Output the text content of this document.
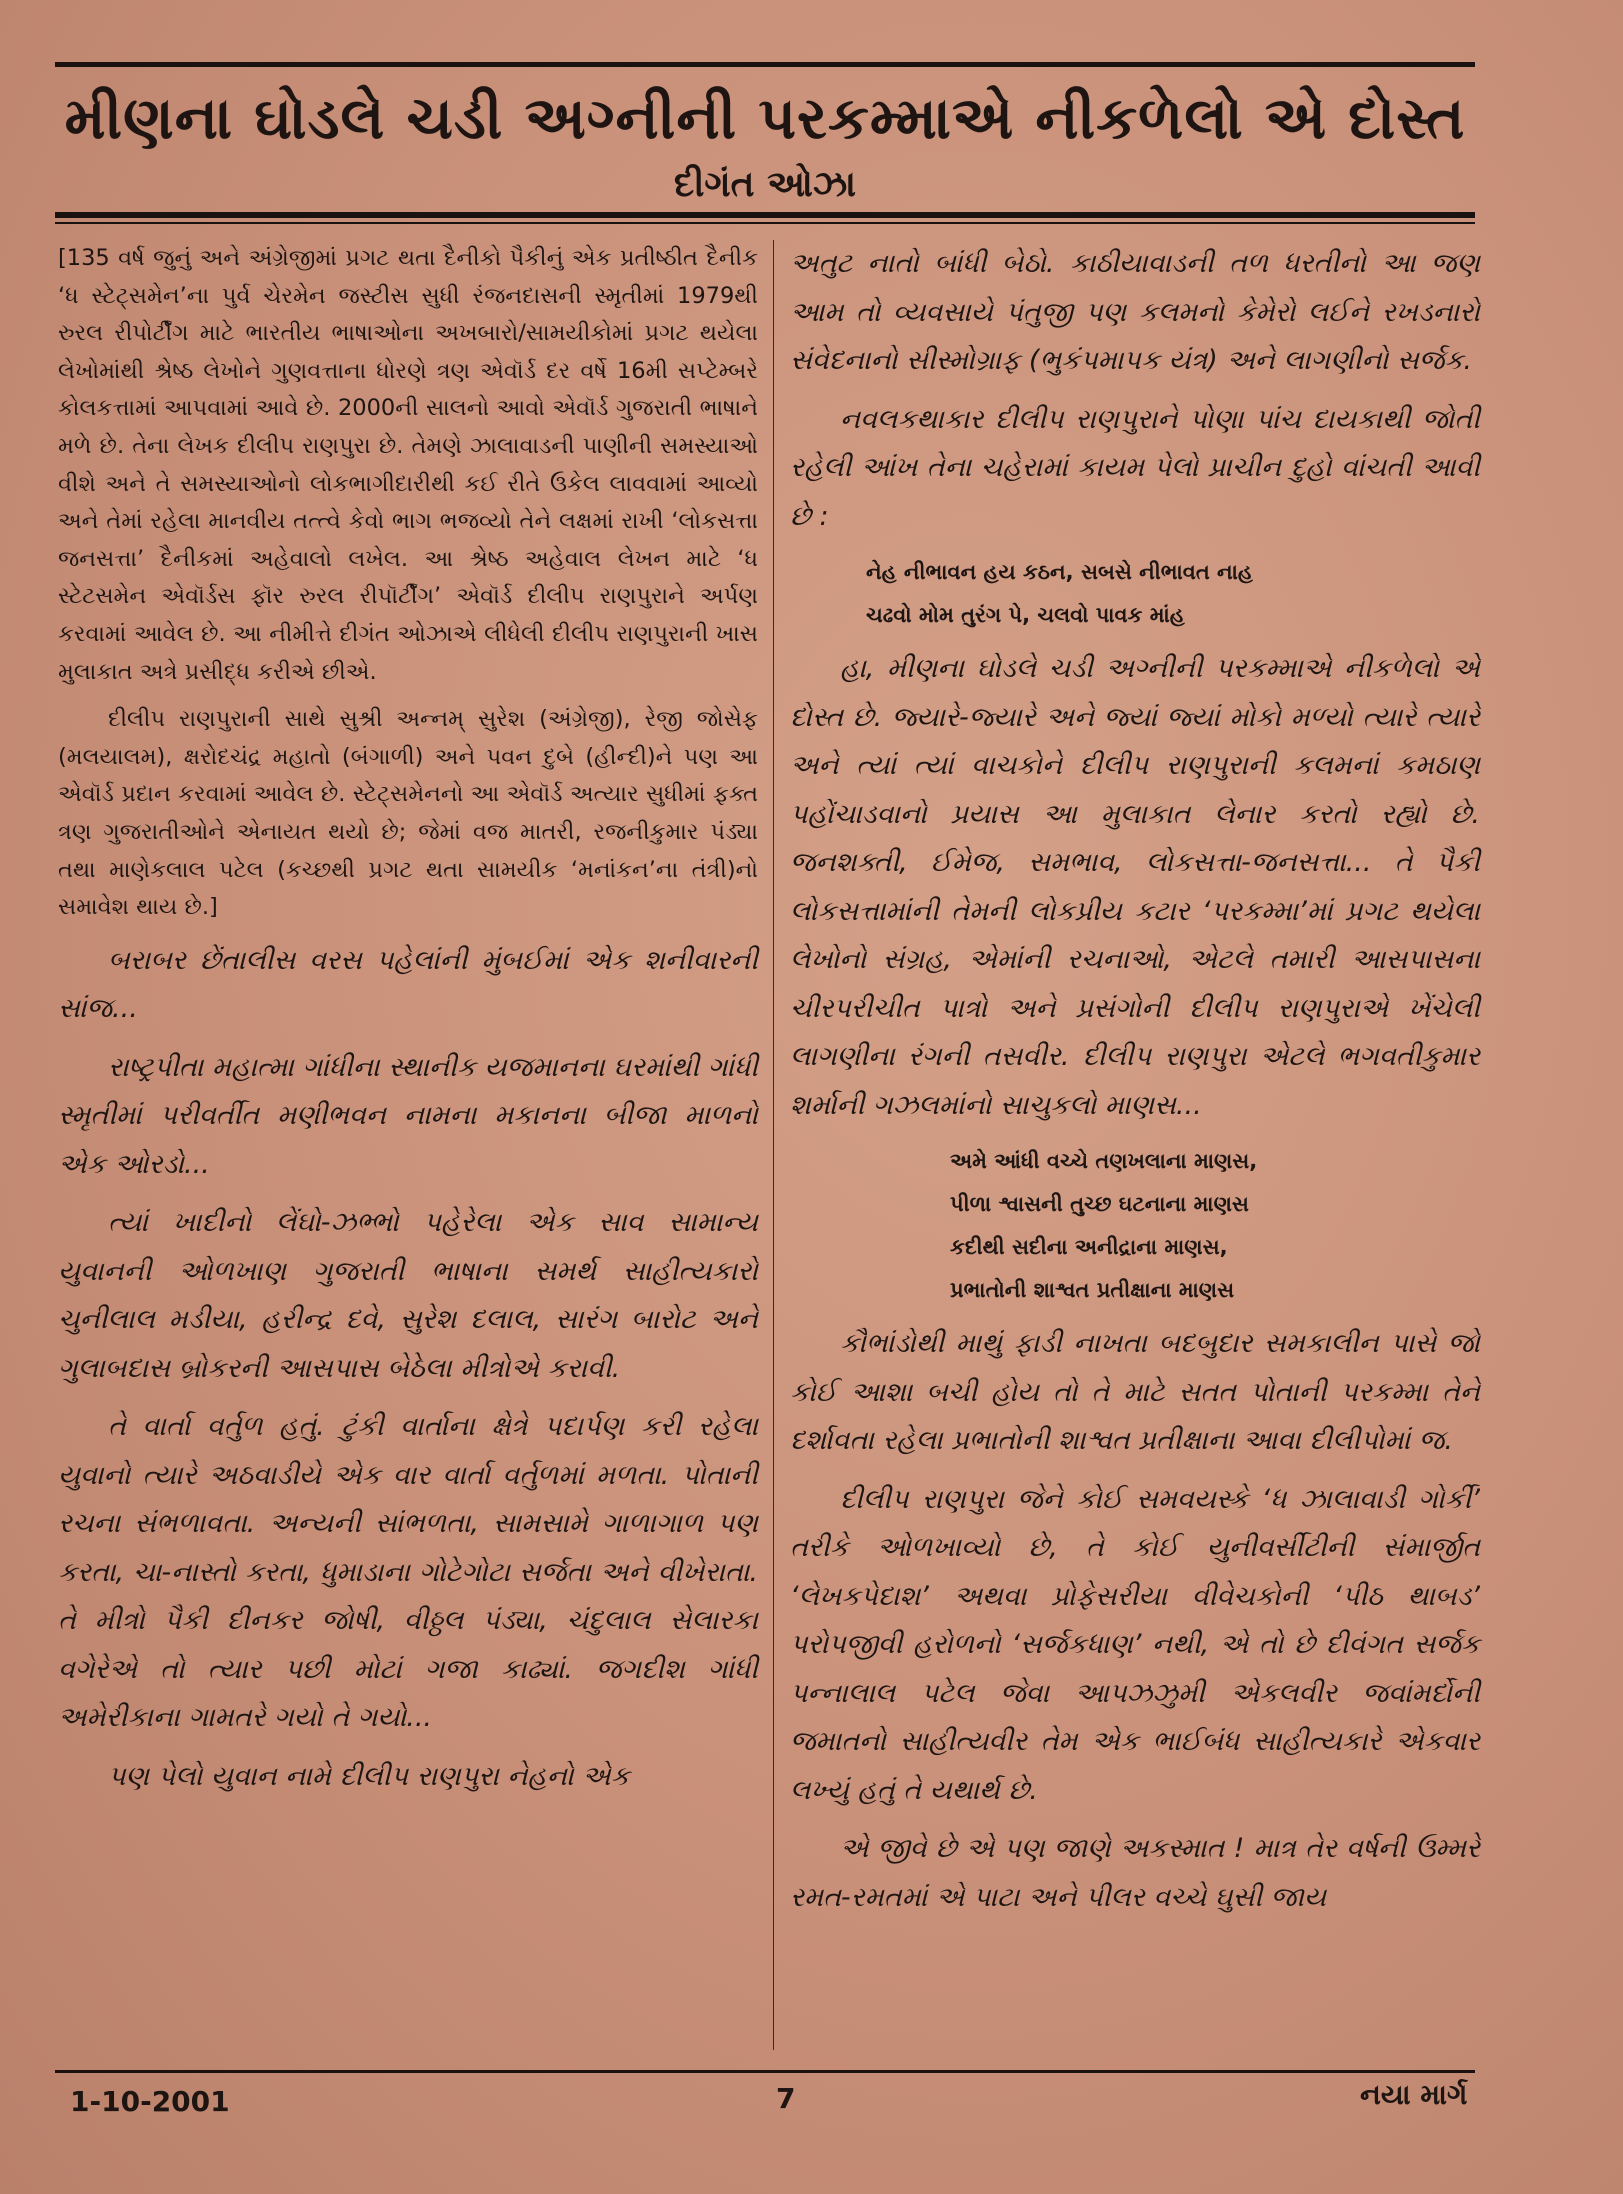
મીણના ઘોડલે ચડી અગ્નીની પરકમ્માએ નીકળેલો એ દોસ્ત
દીગંત ઓઝા

[135 વર્ષ જુનું અને અંગ્રેજીમાં પ્રગટ થતા દૈનીકો પૈકીનું એક પ્રતીષ્ઠીત દૈનીક ‘ધ સ્ટેટ્સમેન’ના પુર્વ ચેરમેન જસ્ટીસ સુધી રંજનદાસની સ્મૃતીમાં 1979થી રુરલ રીપોર્ટીંગ માટે ભારતીય ભાષાઓના અખબારો/સામયીકોમાં પ્રગટ થયેલા લેખોમાંથી શ્રેષ્ઠ લેખોને ગુણવત્તાના ધોરણે ત્રણ એવૉર્ડ દર વર્ષે 16મી સપ્ટેમ્બરે કોલકત્તામાં આપવામાં આવે છે. 2000ની સાલનો આવો એવૉર્ડ ગુજરાતી ભાષાને મળે છે. તેના લેખક દીલીપ રાણપુરા છે. તેમણે ઝાલાવાડની પાણીની સમસ્યાઓ વીશે અને તે સમસ્યાઓનો લોકભાગીદારીથી કઈ રીતે ઉકેલ લાવવામાં આવ્યો અને તેમાં રહેલા માનવીય તત્ત્વે કેવો ભાગ ભજવ્યો તેને લક્ષમાં રાખી ‘લોકસત્તા જનસત્તા’ દૈનીકમાં અહેવાલો લખેલ. આ શ્રેષ્ઠ અહેવાલ લેખન માટે ‘ધ સ્ટેટસમેન એવૉર્ડસ ફૉર રુરલ રીપૉર્ટીંગ’ એવૉર્ડ દીલીપ રાણપુરાને અર્પણ કરવામાં આવેલ છે. આ નીમીત્તે દીગંત ઓઝાએ લીધેલી દીલીપ રાણપુરાની ખાસ મુલાકાત અત્રે પ્રસીદ્ધ કરીએ છીએ.

દીલીપ રાણપુરાની સાથે સુશ્રી અન્નમ્ સુરેશ (અંગ્રેજી), રેજી જોસેફ (મલયાલમ), ક્ષરોદચંદ્ર મહાતો (બંગાળી) અને પવન દુબે (હીન્દી)ને પણ આ એવૉર્ડ પ્રદાન કરવામાં આવેલ છે. સ્ટેટ્સમેનનો આ એવૉર્ડ અત્યાર સુધીમાં ફક્ત ત્રણ ગુજરાતીઓને એનાયત થયો છે; જેમાં વજ માતરી, રજનીકુમાર પંડ્યા તથા માણેકલાલ પટેલ (કચ્છથી પ્રગટ થતા સામયીક ‘મનાંકન’ના તંત્રી)નો સમાવેશ થાય છે.]

બરાબર છેંતાલીસ વરસ પહેલાંની મુંબઈમાં એક શનીવારની સાંજ...

રાષ્ટ્રપીતા મહાત્મા ગાંધીના સ્થાનીક યજમાનના ઘરમાંથી ગાંધી સ્મૃતીમાં પરીવર્તીત મણીભવન નામના મકાનના બીજા માળનો એક ઓરડો...

ત્યાં ખાદીનો લેંઘો-ઝભ્ભો પહેરેલા એક સાવ સામાન્ય યુવાનની ઓળખાણ ગુજરાતી ભાષાના સમર્થ સાહીત્યકારો ચુનીલાલ મડીયા, હરીન્દ્ર દવે, સુરેશ દલાલ, સારંગ બારોટ અને ગુલાબદાસ બ્રોકરની આસપાસ બેઠેલા મીત્રોએ કરાવી.

તે વાર્તા વર્તુળ હતું. ટુંકી વાર્તાના ક્ષેત્રે પદાર્પણ કરી રહેલા યુવાનો ત્યારે અઠવાડીયે એક વાર વાર્તા વર્તુળમાં મળતા. પોતાની રચના સંભળાવતા. અન્યની સાંભળતા, સામસામે ગાળાગાળ પણ કરતા, ચા-નાસ્તો કરતા, ધુમાડાના ગોટેગોટા સર્જતા અને વીખેરાતા. તે મીત્રો પૈકી દીનકર જોષી, વીઠ્ઠલ પંડ્યા, ચંદુલાલ સેલારકા વગેરેએ તો ત્યાર પછી મોટાં ગજા કાઢ્યાં. જગદીશ ગાંધી અમેરીકાના ગામતરે ગયો તે ગયો...

પણ પેલો યુવાન નામે દીલીપ રાણપુરા નેહનો એક

અતુટ નાતો બાંધી બેઠો. કાઠીયાવાડની તળ ધરતીનો આ જણ આમ તો વ્યવસાયે પંતુજી પણ કલમનો કેમેરો લઈને રખડનારો સંવેદનાનો સીસ્મોગ્રાફ (ભુકંપમાપક યંત્ર) અને લાગણીનો સર્જક.

નવલકથાકાર દીલીપ રાણપુરાને પોણા પાંચ દાયકાથી જોતી રહેલી આંખ તેના ચહેરામાં કાયમ પેલો પ્રાચીન દુહો વાંચતી આવી છે :

નેહ નીભાવન હય કઠન, સબસે નીભાવત નાહ
ચઢવો મોમ તુરંગ પે, ચલવો પાવક માંહ

હા, મીણના ઘોડલે ચડી અગ્નીની પરકમ્માએ નીકળેલો એ દોસ્ત છે. જ્યારે-જ્યારે અને જ્યાં જ્યાં મોકો મળ્યો ત્યારે ત્યારે અને ત્યાં ત્યાં વાચકોને દીલીપ રાણપુરાની કલમનાં કમઠાણ પહોંચાડવાનો પ્રયાસ આ મુલાકાત લેનાર કરતો રહ્યો છે. જનશક્તી, ઈમેજ, સમભાવ, લોકસત્તા-જનસત્તા... તે પૈકી લોકસત્તામાંની તેમની લોકપ્રીય કટાર ‘પરકમ્મા’માં પ્રગટ થયેલા લેખોનો સંગ્રહ, એમાંની રચનાઓ, એટલે તમારી આસપાસના ચીરપરીચીત પાત્રો અને પ્રસંગોની દીલીપ રાણપુરાએ ખેંચેલી લાગણીના રંગની તસવીર. દીલીપ રાણપુરા એટલે ભગવતીકુમાર શર્માની ગઝલમાંનો સાચુકલો માણસ...

અમે આંધી વચ્ચે તણખલાના માણસ,
પીળા શ્વાસની તુચ્છ ઘટનાના માણસ
કદીથી સદીના અનીદ્રાના માણસ,
પ્રભાતોની શાશ્વત પ્રતીક્ષાના માણસ

કૌભાંડોથી માથું ફાડી નાખતા બદબુદાર સમકાલીન પાસે જો કોઈ આશા બચી હોય તો તે માટે સતત પોતાની પરકમ્મા તેને દર્શાવતા રહેલા પ્રભાતોની શાશ્વત પ્રતીક્ષાના આવા દીલીપોમાં જ.

દીલીપ રાણપુરા જેને કોઈ સમવયસ્કે ‘ધ ઝાલાવાડી ગોર્કી’ તરીકે ઓળખાવ્યો છે, તે કોઈ યુનીવર્સીટીની સંમાર્જીત ‘લેખકપેદાશ’ અથવા પ્રોફેસરીયા વીવેચકોની ‘પીઠ થાબડ’ પરોપજીવી હરોળનો ‘સર્જકધાણ’ નથી, એ તો છે દીવંગત સર્જક પન્નાલાલ પટેલ જેવા આપઝઝુમી એકલવીર જવાંમર્દોની જમાતનો સાહીત્યવીર તેમ એક ભાઈબંધ સાહીત્યકારે એકવાર લખ્યું હતું તે યથાર્થ છે.

એ જીવે છે એ પણ જાણે અકસ્માત ! માત્ર તેર વર્ષની ઉમ્મરે રમત-રમતમાં એ પાટા અને પીલર વચ્ચે ઘુસી જાય

1-10-2001	7	નયા માર્ગ
